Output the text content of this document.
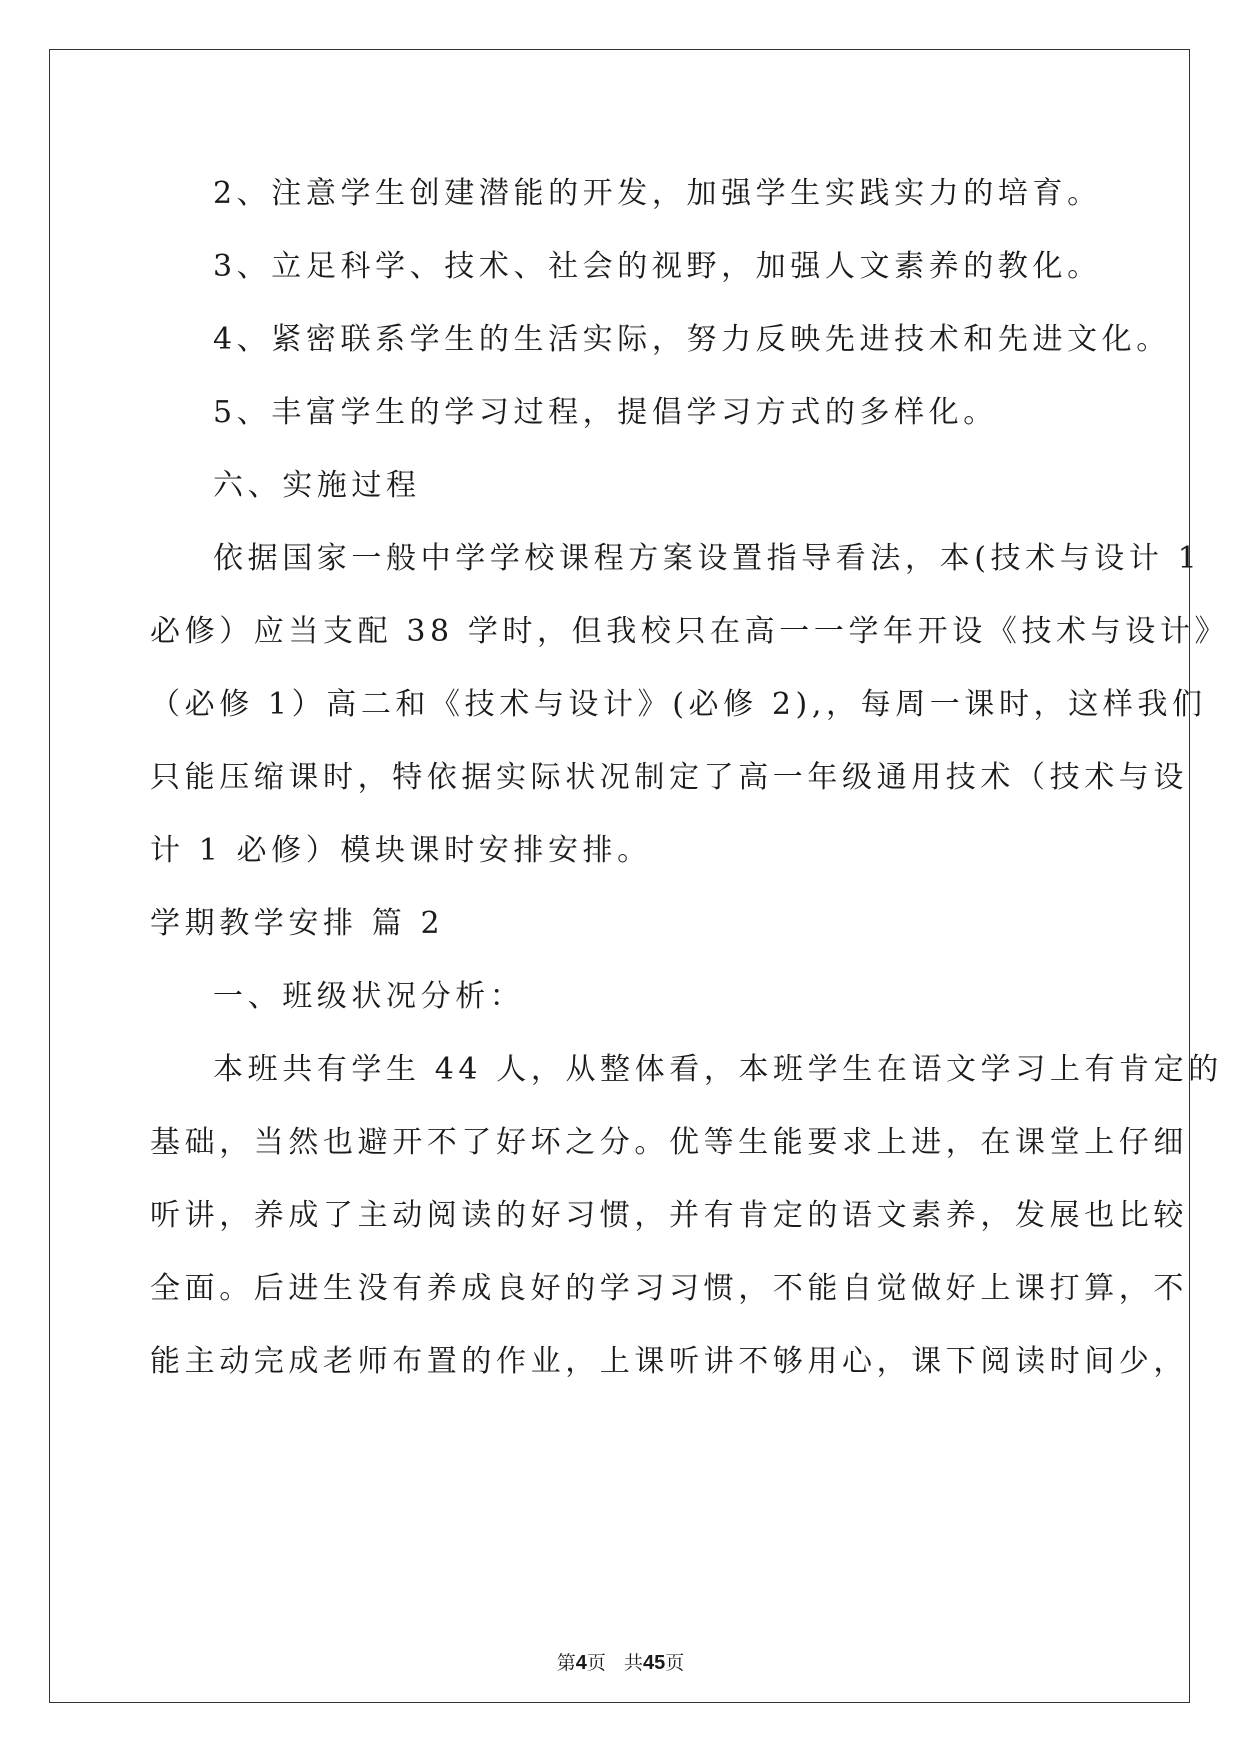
2、注意学生创建潜能的开发，加强学生实践实力的培育。
3、立足科学、技术、社会的视野，加强人文素养的教化。
4、紧密联系学生的生活实际，努力反映先进技术和先进文化。
5、丰富学生的学习过程，提倡学习方式的多样化。
六、实施过程
依据国家一般中学学校课程方案设置指导看法，本(技术与设计 1
必修）应当支配 38 学时，但我校只在高一一学年开设《技术与设计》
（必修 1）高二和《技术与设计》(必修 2),，每周一课时，这样我们
只能压缩课时，特依据实际状况制定了高一年级通用技术（技术与设
计 1 必修）模块课时安排安排。
学期教学安排 篇 2
一、班级状况分析：
本班共有学生 44 人，从整体看，本班学生在语文学习上有肯定的
基础，当然也避开不了好坏之分。优等生能要求上进，在课堂上仔细
听讲，养成了主动阅读的好习惯，并有肯定的语文素养，发展也比较
全面。后进生没有养成良好的学习习惯，不能自觉做好上课打算，不
能主动完成老师布置的作业，上课听讲不够用心，课下阅读时间少，
第4页 共45页
